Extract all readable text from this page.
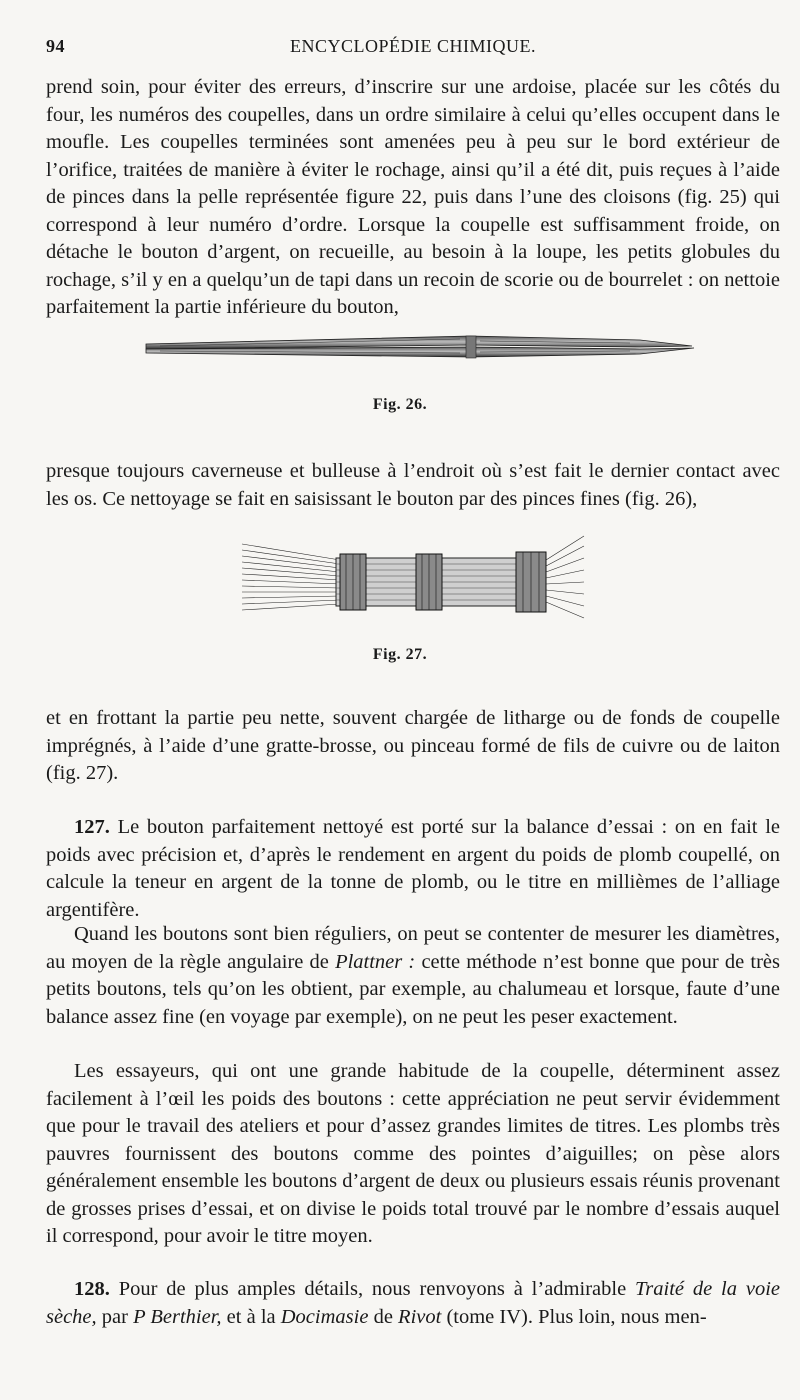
94	ENCYCLOPÉDIE CHIMIQUE.

prend soin, pour éviter des erreurs, d’inscrire sur une ardoise, placée sur les côtés du four, les numéros des coupelles, dans un ordre similaire à celui qu’elles occupent dans le moufle. Les coupelles terminées sont amenées peu à peu sur le bord extérieur de l’orifice, traitées de manière à éviter le rochage, ainsi qu’il a été dit, puis reçues à l’aide de pinces dans la pelle représentée figure 22, puis dans l’une des cloisons (fig. 25) qui correspond à leur numéro d’ordre. Lorsque la coupelle est suffisamment froide, on détache le bouton d’argent, on recueille, au besoin à la loupe, les petits globules du rochage, s’il y en a quelqu’un de tapi dans un recoin de scorie ou de bourrelet : on nettoie parfaitement la partie inférieure du bouton,

Fig. 26.

presque toujours caverneuse et bulleuse à l’endroit où s’est fait le dernier contact avec les os. Ce nettoyage se fait en saisissant le bouton par des pinces fines (fig. 26),

Fig. 27.

et en frottant la partie peu nette, souvent chargée de litharge ou de fonds de coupelle imprégnés, à l’aide d’une gratte-brosse, ou pinceau formé de fils de cuivre ou de laiton (fig. 27).

127. Le bouton parfaitement nettoyé est porté sur la balance d’essai : on en fait le poids avec précision et, d’après le rendement en argent du poids de plomb coupellé, on calcule la teneur en argent de la tonne de plomb, ou le titre en millièmes de l’alliage argentifère.

Quand les boutons sont bien réguliers, on peut se contenter de mesurer les diamètres, au moyen de la règle angulaire de Plattner : cette méthode n’est bonne que pour de très petits boutons, tels qu’on les obtient, par exemple, au chalumeau et lorsque, faute d’une balance assez fine (en voyage par exemple), on ne peut les peser exactement.

Les essayeurs, qui ont une grande habitude de la coupelle, déterminent assez facilement à l’œil les poids des boutons : cette appréciation ne peut servir évidemment que pour le travail des ateliers et pour d’assez grandes limites de titres. Les plombs très pauvres fournissent des boutons comme des pointes d’aiguilles; on pèse alors généralement ensemble les boutons d’argent de deux ou plusieurs essais réunis provenant de grosses prises d’essai, et on divise le poids total trouvé par le nombre d’essais auquel il correspond, pour avoir le titre moyen.

128. Pour de plus amples détails, nous renvoyons à l’admirable Traité de la voie sèche, par P Berthier, et à la Docimasie de Rivot (tome IV). Plus loin, nous men-
